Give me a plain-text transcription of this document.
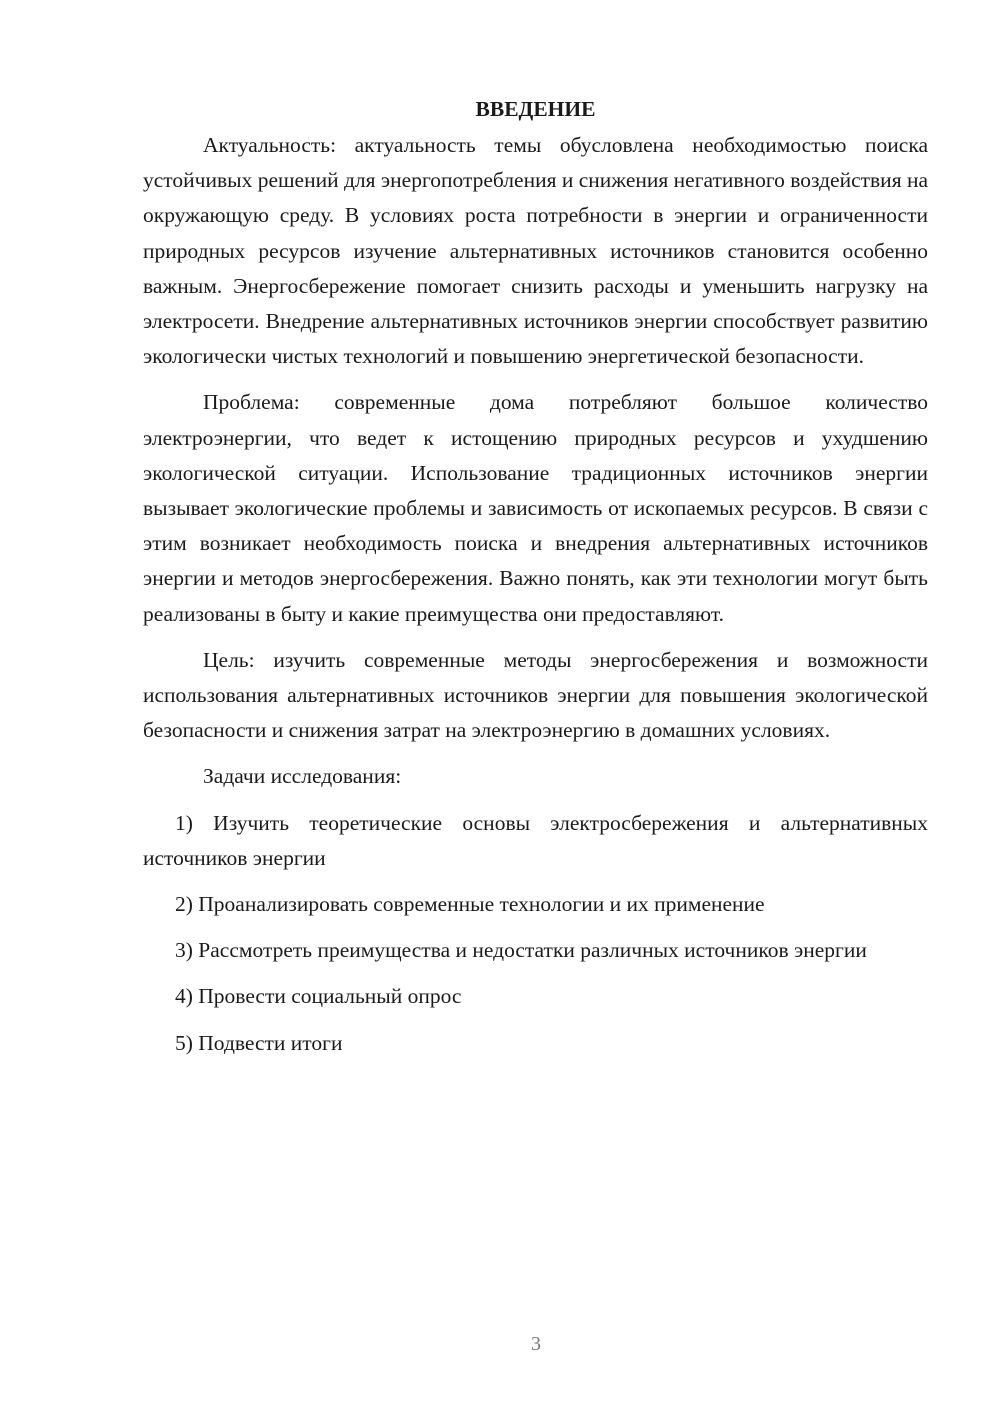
ВВЕДЕНИЕ

Актуальность: актуальность темы обусловлена необходимостью поиска устойчивых решений для энергопотребления и снижения негативного воздействия на окружающую среду. В условиях роста потребности в энергии и ограниченности природных ресурсов изучение альтернативных источников становится особенно важным. Энергосбережение помогает снизить расходы и уменьшить нагрузку на электросети. Внедрение альтернативных источников энергии способствует развитию экологически чистых технологий и повышению энергетической безопасности.

Проблема: современные дома потребляют большое количество электроэнергии, что ведет к истощению природных ресурсов и ухудшению экологической ситуации. Использование традиционных источников энергии вызывает экологические проблемы и зависимость от ископаемых ресурсов. В связи с этим возникает необходимость поиска и внедрения альтернативных источников энергии и методов энергосбережения. Важно понять, как эти технологии могут быть реализованы в быту и какие преимущества они предоставляют.

Цель: изучить современные методы энергосбережения и возможности использования альтернативных источников энергии для повышения экологической безопасности и снижения затрат на электроэнергию в домашних условиях.

Задачи исследования:

1) Изучить теоретические основы электросбережения и альтернативных источников энергии

2) Проанализировать современные технологии и их применение

3) Рассмотреть преимущества и недостатки различных источников энергии

4) Провести социальный опрос

5) Подвести итоги

3
